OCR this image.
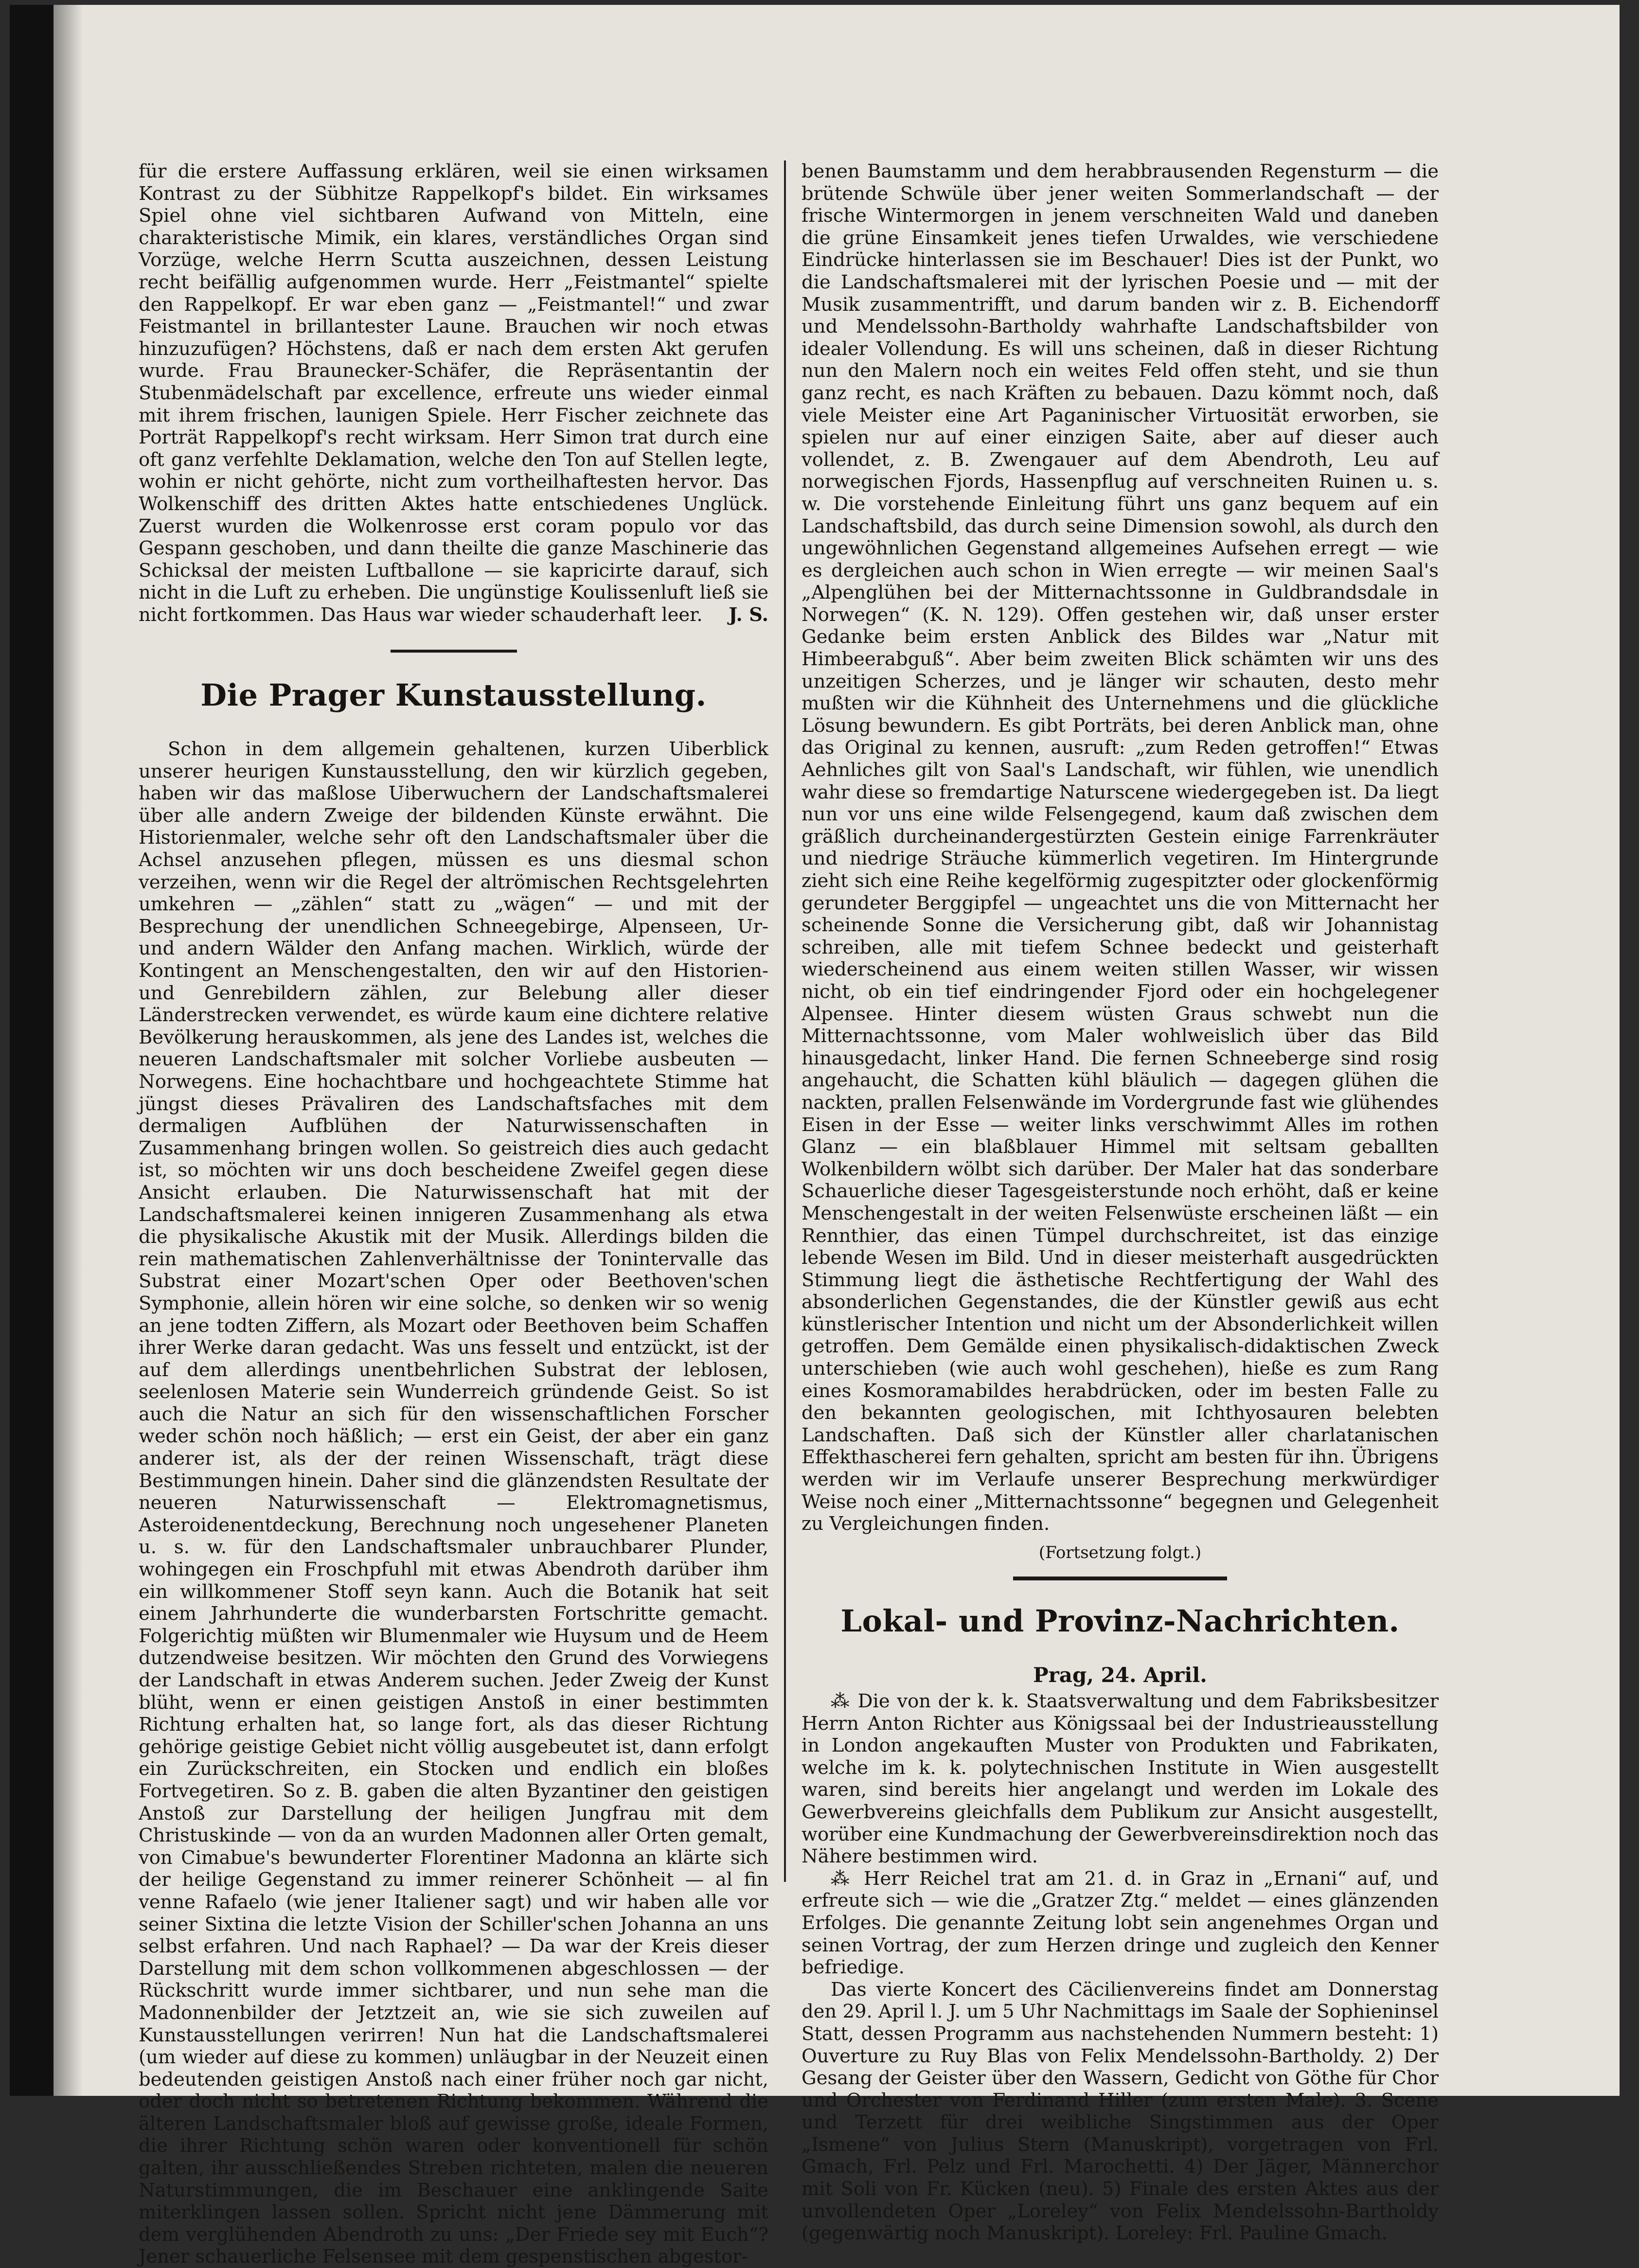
für die erstere Auffassung erklären, weil sie einen wirksamen Kontrast zu der Sübhitze Rappelkopf's bildet. Ein wirksames Spiel ohne viel sichtbaren Aufwand von Mitteln, eine charakteristische Mimik, ein klares, verständliches Organ sind Vorzüge, welche Herrn Scutta auszeichnen, dessen Leistung recht beifällig aufgenommen wurde. Herr „Feistmantel“ spielte den Rappelkopf. Er war eben ganz — „Feistmantel!“ und zwar Feistmantel in brillantester Laune. Brauchen wir noch etwas hinzuzufügen? Höchstens, daß er nach dem ersten Akt gerufen wurde. Frau Braunecker-Schäfer, die Repräsentantin der Stubenmädelschaft par excellence, erfreute uns wieder einmal mit ihrem frischen, launigen Spiele. Herr Fischer zeichnete das Porträt Rappelkopf's recht wirksam. Herr Simon trat durch eine oft ganz verfehlte Deklamation, welche den Ton auf Stellen legte, wohin er nicht gehörte, nicht zum vortheilhaftesten hervor. Das Wolkenschiff des dritten Aktes hatte entschiedenes Unglück. Zuerst wurden die Wolkenrosse erst coram populo vor das Gespann geschoben, und dann theilte die ganze Maschinerie das Schicksal der meisten Luftballone — sie kapricirte darauf, sich nicht in die Luft zu erheben. Die ungünstige Koulissenluft ließ sie nicht fortkommen. Das Haus war wieder schauderhaft leer.	J. S.
Die Prager Kunstausstellung.

Schon in dem allgemein gehaltenen, kurzen Uiberblick unserer heurigen Kunstausstellung, den wir kürzlich gegeben, haben wir das maßlose Uiberwuchern der Landschaftsmalerei über alle andern Zweige der bildenden Künste erwähnt. Die Historienmaler, welche sehr oft den Landschaftsmaler über die Achsel anzusehen pflegen, müssen es uns diesmal schon verzeihen, wenn wir die Regel der altrömischen Rechtsgelehrten umkehren — „zählen“ statt zu „wägen“ — und mit der Besprechung der unendlichen Schneegebirge, Alpenseen, Ur- und andern Wälder den Anfang machen. Wirklich, würde der Kontingent an Menschengestalten, den wir auf den Historien- und Genrebildern zählen, zur Belebung aller dieser Länderstrecken verwendet, es würde kaum eine dichtere relative Bevölkerung herauskommen, als jene des Landes ist, welches die neueren Landschaftsmaler mit solcher Vorliebe ausbeuten — Norwegens. Eine hochachtbare und hochgeachtete Stimme hat jüngst dieses Prävaliren des Landschaftsfaches mit dem dermaligen Aufblühen der Naturwissenschaften in Zusammenhang bringen wollen. So geistreich dies auch gedacht ist, so möchten wir uns doch bescheidene Zweifel gegen diese Ansicht erlauben. Die Naturwissenschaft hat mit der Landschaftsmalerei keinen innigeren Zusammenhang als etwa die physikalische Akustik mit der Musik. Allerdings bilden die rein mathematischen Zahlenverhältnisse der Tonintervalle das Substrat einer Mozart'schen Oper oder Beethoven'schen Symphonie, allein hören wir eine solche, so denken wir so wenig an jene todten Ziffern, als Mozart oder Beethoven beim Schaffen ihrer Werke daran gedacht. Was uns fesselt und entzückt, ist der auf dem allerdings unentbehrlichen Substrat der leblosen, seelenlosen Materie sein Wunderreich gründende Geist. So ist auch die Natur an sich für den wissenschaftlichen Forscher weder schön noch häßlich; — erst ein Geist, der aber ein ganz anderer ist, als der der reinen Wissenschaft, trägt diese Bestimmungen hinein. Daher sind die glänzendsten Resultate der neueren Naturwissenschaft — Elektromagnetismus, Asteroidenentdeckung, Berechnung noch ungesehener Planeten u. s. w. für den Landschaftsmaler unbrauchbarer Plunder, wohingegen ein Froschpfuhl mit etwas Abendroth darüber ihm ein willkommener Stoff seyn kann. Auch die Botanik hat seit einem Jahrhunderte die wunderbarsten Fortschritte gemacht. Folgerichtig müßten wir Blumenmaler wie Huysum und de Heem dutzendweise besitzen. Wir möchten den Grund des Vorwiegens der Landschaft in etwas Anderem suchen. Jeder Zweig der Kunst blüht, wenn er einen geistigen Anstoß in einer bestimmten Richtung erhalten hat, so lange fort, als das dieser Richtung gehörige geistige Gebiet nicht völlig ausgebeutet ist, dann erfolgt ein Zurückschreiten, ein Stocken und endlich ein bloßes Fortvegetiren. So z. B. gaben die alten Byzantiner den geistigen Anstoß zur Darstellung der heiligen Jungfrau mit dem Christuskinde — von da an wurden Madonnen aller Orten gemalt, von Cimabue's bewunderter Florentiner Madonna an klärte sich der heilige Gegenstand zu immer reinerer Schönheit — al fin venne Rafaelo (wie jener Italiener sagt) und wir haben alle vor seiner Sixtina die letzte Vision der Schiller'schen Johanna an uns selbst erfahren. Und nach Raphael? — Da war der Kreis dieser Darstellung mit dem schon vollkommenen abgeschlossen — der Rückschritt wurde immer sichtbarer, und nun sehe man die Madonnenbilder der Jetztzeit an, wie sie sich zuweilen auf Kunstausstellungen verirren! Nun hat die Landschaftsmalerei (um wieder auf diese zu kommen) unläugbar in der Neuzeit einen bedeutenden geistigen Anstoß nach einer früher noch gar nicht, oder doch nicht so betretenen Richtung bekommen. Während die älteren Landschaftsmaler bloß auf gewisse große, ideale Formen, die ihrer Richtung schön waren oder konventionell für schön galten, ihr ausschließendes Streben richteten, malen die neueren Naturstimmungen, die im Beschauer eine anklingende Saite miterklingen lassen sollen. Spricht nicht jene Dämmerung mit dem verglühenden Abendroth zu uns: „Der Friede sey mit Euch“? Jener schauerliche Felsensee mit dem gespenstischen abgestor-

benen Baumstamm und dem herabbrausenden Regensturm — die brütende Schwüle über jener weiten Sommerlandschaft — der frische Wintermorgen in jenem verschneiten Wald und daneben die grüne Einsamkeit jenes tiefen Urwaldes, wie verschiedene Eindrücke hinterlassen sie im Beschauer! Dies ist der Punkt, wo die Landschaftsmalerei mit der lyrischen Poesie und — mit der Musik zusammentrifft, und darum banden wir z. B. Eichendorff und Mendelssohn-Bartholdy wahrhafte Landschaftsbilder von idealer Vollendung. Es will uns scheinen, daß in dieser Richtung nun den Malern noch ein weites Feld offen steht, und sie thun ganz recht, es nach Kräften zu bebauen. Dazu kömmt noch, daß viele Meister eine Art Paganinischer Virtuosität erworben, sie spielen nur auf einer einzigen Saite, aber auf dieser auch vollendet, z. B. Zwengauer auf dem Abendroth, Leu auf norwegischen Fjords, Hassenpflug auf verschneiten Ruinen u. s. w. Die vorstehende Einleitung führt uns ganz bequem auf ein Landschaftsbild, das durch seine Dimension sowohl, als durch den ungewöhnlichen Gegenstand allgemeines Aufsehen erregt — wie es dergleichen auch schon in Wien erregte — wir meinen Saal's „Alpenglühen bei der Mitternachtssonne in Guldbrandsdale in Norwegen“ (K. N. 129). Offen gestehen wir, daß unser erster Gedanke beim ersten Anblick des Bildes war „Natur mit Himbeerabguß“. Aber beim zweiten Blick schämten wir uns des unzeitigen Scherzes, und je länger wir schauten, desto mehr mußten wir die Kühnheit des Unternehmens und die glückliche Lösung bewundern. Es gibt Porträts, bei deren Anblick man, ohne das Original zu kennen, ausruft: „zum Reden getroffen!“ Etwas Aehnliches gilt von Saal's Landschaft, wir fühlen, wie unendlich wahr diese so fremdartige Naturscene wiedergegeben ist. Da liegt nun vor uns eine wilde Felsengegend, kaum daß zwischen dem gräßlich durcheinandergestürzten Gestein einige Farrenkräuter und niedrige Sträuche kümmerlich vegetiren. Im Hintergrunde zieht sich eine Reihe kegelförmig zugespitzter oder glockenförmig gerundeter Berggipfel — ungeachtet uns die von Mitternacht her scheinende Sonne die Versicherung gibt, daß wir Johannistag schreiben, alle mit tiefem Schnee bedeckt und geisterhaft wiederscheinend aus einem weiten stillen Wasser, wir wissen nicht, ob ein tief eindringender Fjord oder ein hochgelegener Alpensee. Hinter diesem wüsten Graus schwebt nun die Mitternachtssonne, vom Maler wohlweislich über das Bild hinausgedacht, linker Hand. Die fernen Schneeberge sind rosig angehaucht, die Schatten kühl bläulich — dagegen glühen die nackten, prallen Felsenwände im Vordergrunde fast wie glühendes Eisen in der Esse — weiter links verschwimmt Alles im rothen Glanz — ein blaßblauer Himmel mit seltsam geballten Wolkenbildern wölbt sich darüber. Der Maler hat das sonderbare Schauerliche dieser Tagesgeisterstunde noch erhöht, daß er keine Menschengestalt in der weiten Felsenwüste erscheinen läßt — ein Rennthier, das einen Tümpel durchschreitet, ist das einzige lebende Wesen im Bild. Und in dieser meisterhaft ausgedrückten Stimmung liegt die ästhetische Rechtfertigung der Wahl des absonderlichen Gegenstandes, die der Künstler gewiß aus echt künstlerischer Intention und nicht um der Absonderlichkeit willen getroffen. Dem Gemälde einen physikalisch-didaktischen Zweck unterschieben (wie auch wohl geschehen), hieße es zum Rang eines Kosmoramabildes herabdrücken, oder im besten Falle zu den bekannten geologischen, mit Ichthyosauren belebten Landschaften. Daß sich der Künstler aller charlatanischen Effekthascherei fern gehalten, spricht am besten für ihn. Übrigens werden wir im Verlaufe unserer Besprechung merkwürdiger Weise noch einer „Mitternachtssonne“ begegnen und Gelegenheit zu Vergleichungen finden.

(Fortsetzung folgt.)
Lokal- und Provinz-Nachrichten.
Prag, 24. April.

⁂ Die von der k. k. Staatsverwaltung und dem Fabriksbesitzer Herrn Anton Richter aus Königssaal bei der Industrieausstellung in London angekauften Muster von Produkten und Fabrikaten, welche im k. k. polytechnischen Institute in Wien ausgestellt waren, sind bereits hier angelangt und werden im Lokale des Gewerbvereins gleichfalls dem Publikum zur Ansicht ausgestellt, worüber eine Kundmachung der Gewerbvereinsdirektion noch das Nähere bestimmen wird.

⁂ Herr Reichel trat am 21. d. in Graz in „Ernani“ auf, und erfreute sich — wie die „Gratzer Ztg.“ meldet — eines glänzenden Erfolges. Die genannte Zeitung lobt sein angenehmes Organ und seinen Vortrag, der zum Herzen dringe und zugleich den Kenner befriedige.

Das vierte Koncert des Cäcilienvereins findet am Donnerstag den 29. April l. J. um 5 Uhr Nachmittags im Saale der Sophieninsel Statt, dessen Programm aus nachstehenden Nummern besteht: 1) Ouverture zu Ruy Blas von Felix Mendelssohn-Bartholdy. 2) Der Gesang der Geister über den Wassern, Gedicht von Göthe für Chor und Orchester von Ferdinand Hiller (zum ersten Male). 3. Scene und Terzett für drei weibliche Singstimmen aus der Oper „Ismene“ von Julius Stern (Manuskript), vorgetragen von Frl. Gmach, Frl. Pelz und Frl. Marochetti. 4) Der Jäger, Männerchor mit Soli von Fr. Kücken (neu). 5) Finale des ersten Aktes aus der unvollendeten Oper „Loreley“ von Felix Mendelssohn-Bartholdy (gegenwärtig noch Manuskript). Loreley: Frl. Pauline Gmach.
